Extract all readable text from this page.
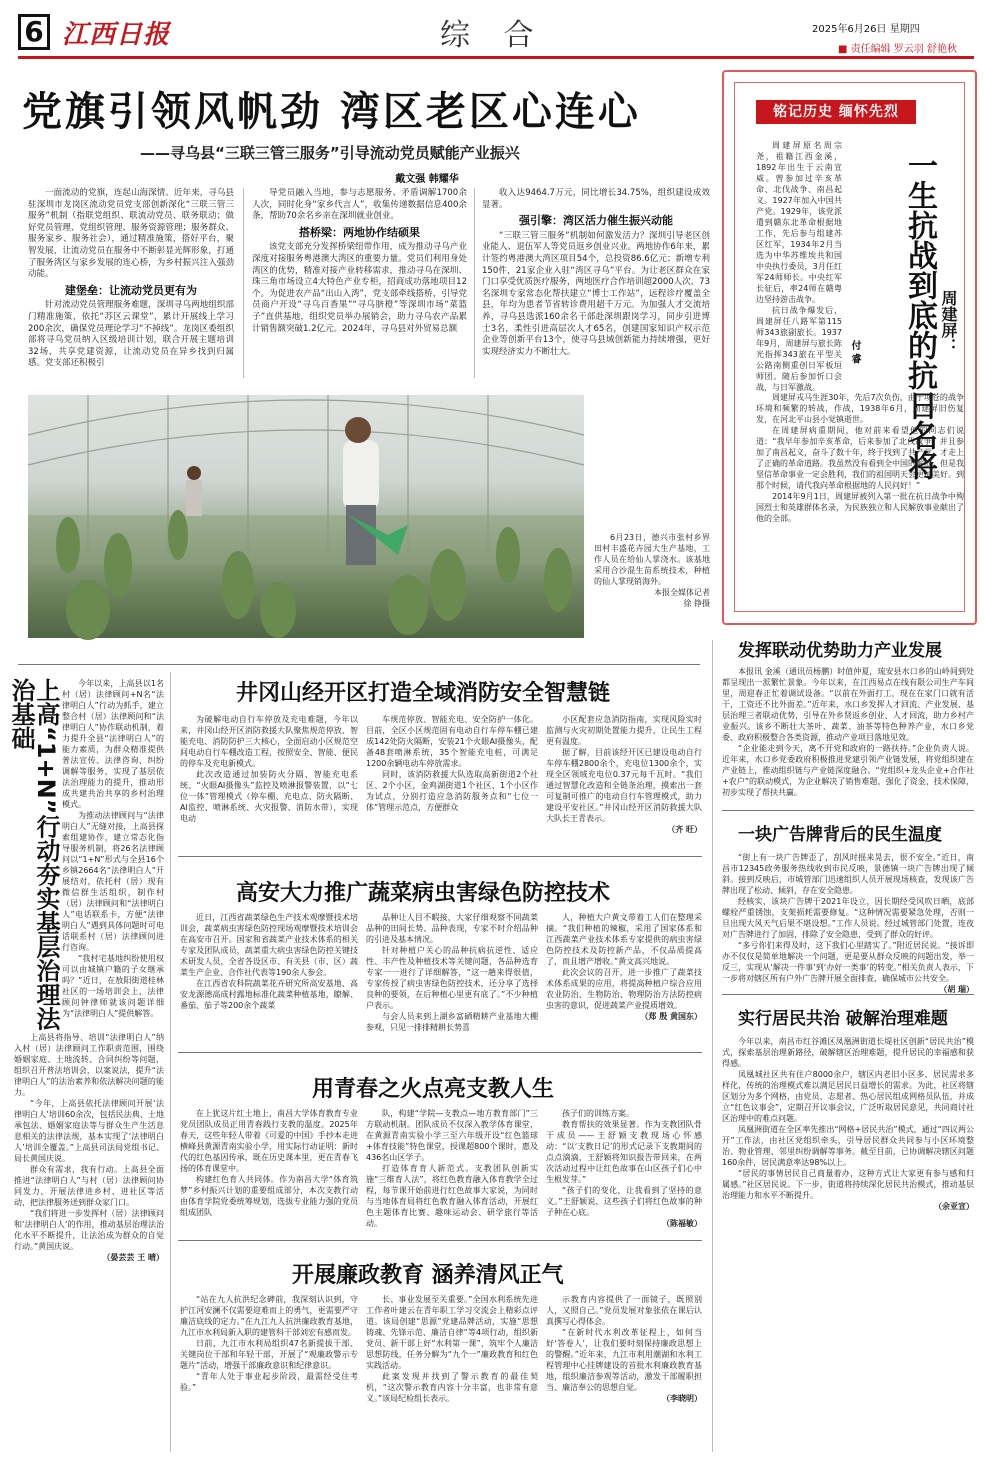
6 江西日报	综 合	2025年6月26日 星期四
■ 责任编辑 罗云羽 舒艳秋
党旗引领风帆劲 湾区老区心连心
——寻乌县“三联三管三服务”引导流动党员赋能产业振兴
戴文强 韩耀华

一面流动的党旗，连起山海深情。近年来，寻乌县驻深圳市龙岗区流动党员党支部创新深化“三联三管三服务”机制（指联党组织、联流动党员、联务联动；做好党员管理、党组织管理、服务资源管理；服务群众、服务家乡、服务社会），通过精准施策，搭好平台，聚智发展，让流动党员在服务中不断彰显光辉形象，打通了服务湾区与家乡发展的连心桥，为乡村振兴注入强劲动能。

建堡垒：让流动党员更有为

针对流动党员管理服务难题，深圳寻乌两地组织部门精准施策，依托“苏区云课堂”，累计开展线上学习200余次，确保党员理论学习“不掉线”。龙岗区委组织部将寻乌党员纳入区级培训计划，联合开展主题培训32场，共享党建资源，让流动党员在异乡找到归属感。党支部还积极引

导党员融入当地，参与志愿服务、矛盾调解1700余人次，同时化身“家乡代言人”，收集传递数据信息400余条，帮助70余名乡亲在深圳就业创业。

搭桥梁：两地协作结硕果

该党支部充分发挥桥梁纽带作用，成为推动寻乌产业深度对接服务粤港澳大湾区的重要力量。党员们利用身处湾区的优势，精准对接产业转移需求，推动寻乌在深圳、珠三角市场设立4大特色产业专柜，招商成功落地项目12个。为促进农产品“出山入湾”，党支部牵线搭桥，引导党员商户开设“寻乌百香果”“寻乌脐橙”等深圳市场“菜篮子”直供基地，组织党员举办展销会，助力寻乌农产品累计销售额突破1.2亿元。2024年，寻乌县对外贸易总额

收入达9464.7万元，同比增长34.75%，组织建设成效显著。

强引擎：湾区活力催生振兴动能

“三联三管三服务”机制如何激发活力？深圳引导老区创业能人、退伍军人等党员返乡创业兴业。两地协作6年来，累计签约粤港澳大湾区项目54个，总投资86.6亿元；新增专利150件，21家企业入驻“湾区寻乌”平台。为让老区群众在家门口享受优质医疗服务，两地医疗合作培训超2000人次，73名深圳专家常态化帮扶建立“博士工作站”，远程诊疗覆盖全县，年均为患者节省转诊费用超千万元。为加强人才交流培养，寻乌县选派160余名干部赴深圳跟岗学习，同步引进博士3名，柔性引进高层次人才65名，创建国家知识产权示范企业等创新平台13个，使寻乌县域创新能力持续增强，更好实现经济实力不断壮大。

6月23日，德兴市张村乡界田村丰盛花卉园大生产基地，工作人员在给仙人掌浇水。该基地采用合沙混生苗系统技术，种植的仙人掌现销海外。

本报全媒体记者
徐 铮摄
铭记历史 缅怀先烈
一生抗战到底的抗日名将 周建屏：
付 睿

周建屏原名周宗尧，祖籍江西金溪，1892年出生于云南宣威。曾参加过辛亥革命、北伐战争、南昌起义。1927年加入中国共产党。1929年，该党派遣到赣东北革命根据地工作，先后参与组建苏区红军，1934年2月当选为中华苏维埃共和国中央执行委员，3月任红军24师师长。中央红军长征后，率24师在赣粤边坚持游击战争。

抗日战争爆发后，周建屏任八路军第115师343旅副旅长。1937年9月，周建屏与旅长陈光指挥343旅在平型关公路南侧重创日军板垣师团。随后参加忻口会战，与日军激战。

周建屏戎马生涯30年，先后7次负伤，由于项苍的战争环境和频繁的转战，作战，1938年6月，周建屏旧伤复发，在河北平山县小觉镇逝世。

在周建屏病重期间，他对前来看望他的同志们说道：“我早年参加辛亥革命，后来参加了北伐战争，并且参加了南昌起义，奋斗了数十年，终于找到了共产党，才走上了正确的革命道路。我虽然没有看到全中国的解放，但是我坚信革命事业一定会胜利，我们的祖国明天会更加美好。到那个时候，请代我向革命根据地的人民问好！”

2014年9月1日，周建屏被列入第一批在抗日战争中殉国烈士和英雄群体名录，为民族独立和人民解放事业献出了他的全部。

上高“1+N”行动夯实基层治理法治基础	今年以来，上高县以1名村（居）法律顾问+N名“法律明白人”行动为抓手，建立整合村（居）法律顾问和“法律明白人”协作联动机制，着力提升全县“法律明白人”的能力素质，为群众精准提供普法宣传、法律咨询、纠纷调解等服务，实现了基层依法治理能力的提升，推动形成共建共治共享的乡村治理模式。

为推动法律顾问与“法律明白人”无缝对接，上高县探索组建协作，建立常态化指导服务机制，将26名法律顾问以“1+N”形式与全县16个乡镇2664名“法律明白人”开展结对，依托村（居）现有微信群生活组织，制作村（居）法律顾问和“法律明白人”电话联系卡，方便“法律明白人”遇到具体问题时可电话联系村（居）法律顾问进行咨询。

“我村宅基地纠纷使用权可以由城镇户籍的子女继承吗？”近日，在敖阳街道桂林社区的一场培训会上，法律顾问钟律师就该问题详细为“法律明白人”提供解答。

上高县将指导、培训“法律明白人”纳入村（居）法律顾问工作职责范围，围绕婚姻家庭、土地流转、合同纠纷等问题，组织召开普法培训会，以案说法，提升“法律明白人”的法治素养和依法解决问题的能力。

“今年，上高县依托法律顾问开展‘法律明白人’培训60余次，包括民法典、土地承包法、婚姻家庭法等与群众生产生活息息相关的法律法规，基本实现了‘法律明白人’培训全覆盖。”上高县司法局党组书记、局长黄国庆说。

群众有需求，我有行动。上高县全面推进“法律明白人”与村（居）法律顾问协同发力，开展法律进乡村、进社区等活动，把法律服务送到群众家门口。

“我们将进一步发挥村（居）法律顾问和‘法律明白人’的作用，推动基层治理法治化水平不断提升，让法治成为群众的自觉行动。”黄国庆说。

（晏芸芸 王 晴）
井冈山经开区打造全域消防安全智慧链

为破解电动自行车停放及充电难题，今年以来，井冈山经开区消防救援大队聚焦规范停放、智能充电、消防防护三大核心，全面启动小区规范空间电动自行车棚改造工程，按照安全、智能、便民的停车及充电新模式。

此次改造通过加装防火分隔、智能充电系统、“火眼AI摄像头”监控及喷淋报警装置，以“七位一体”管理模式（停车棚、充电点、防火隔断、AI监控、喷淋系统、火灾报警、消防水带），实现电动

车规范停放、智能充电、安全防护一体化。目前，全区小区规范固有电动自行车停车棚已建成142处防火隔断，安装21个火眼AI摄像头，配备48套喷淋系统，35个智能充电桩，可满足1200余辆电动车停放需求。

同时，该消防救援大队选取高新街道2个社区、2个小区，金鸡湖街道1个社区、1个小区作为试点，分别打造应急消防服务点和“七位一体”管理示范点，方便群众

小区配套应急消防指南，实现风险实时监测与火灾初期处置能力提升，让民生工程更有温度。

据了解，目前该经开区已建设电动自行车停车棚2800余个，充电位1300余个，实现全区领域充电位0.37元每千瓦时。“我们通过智慧化改造和全链条治理，摸索出一套可复制可推广的电动自行车管理模式，助力建设平安社区。”井冈山经开区消防救援大队大队长王青表示。

（齐 旺）
高安大力推广蔬菜病虫害绿色防控技术

近日，江西省蔬菜绿色生产技术观摩暨技术培训会，蔬菜病虫害绿色防控现场观摩暨技术培训会在高安市召开。国家和省蔬菜产业技术体系的相关专家及团队成员，蔬菜重大病虫害绿色防控关键技术研发人员，全省各设区市、有关县（市、区）蔬菜生产企业、合作社代表等190余人参会。

在江西省农科院蔬菜花卉研究所高安基地、高安龙源德高成村露地标准化蔬菜种植基地，瞭解、番茄、茄子等200余个蔬菜

品种让人目不暇接，大家仔细观察不同蔬菜品种的田间长势、品种表现，专家不时介绍品种的引进及基本情况。

针对种植户关心的品种抗病抗逆性、适应性、丰产性及种植技术等关键问题，各品种选育专家一一进行了详细解答，“这一趟来得很值，专家传授了病虫害绿色防控技术，还分享了选择良种的要领，在后种植心里更有底了。”不少种植户表示。

与会人员来到上湖乡富硒精耕产业基地大棚参观，只见一排排精耕长势喜

人，种植大户黄文带着工人们在整理采摘。“我们种植的辣椒，采用了国家体系和江西蔬菜产业技术体系专家提供的病虫害绿色防控技术及防控新产品，不仅品质提高了，而且增产增收。”黄文高兴地说。

此次会议的召开，进一步推广了蔬菜技术体系成果的应用，将提高种植户综合应用农业防治、生物防治、物理防治方法防控病虫害的意识，促进蔬菜产业提质增效。

（郑 殷 黄国东）
用青春之火点亮支教人生

在上犹这片红土地上，南昌大学体育教育专业党员团队成员正用青春践行支教的温度。2025年春天，这些年轻人带着《可爱的中国》手抄本走进横峰县黄源青南实验小学，用实际行动证明：新时代的红色基因传承，既在历史课本里，更在青春飞扬的体育课堂中。

构建红色育人共同体。作为南昌大学“体育筑梦”乡村振兴计划的重要组成部分，本次支教行动由体育学院党委统筹规划，选拔专业能力强的党员组成团队

队，构建“学院—支教点—地方教育部门”三方联动机制。团队成员不仅深入教学体育课堂，在黄源青南实验小学三至六年级开设“红色篮球+体育技能”特色课堂，授课超800个课时，惠及436名山区学子。

打造体育育人新范式。支教团队创新实施“三维育人法”，将红色教育融入体育教学全过程，每节课开始前进行红色故事大家说，为同时与当地体育局将红色教育融入体育活动，开展红色主题体育比赛、趣味运动会、研学旅行等活动。

孩子们的训练方案。

教育帮扶的效果显著。作为支教团队骨干成员——王舒颖支教现场心怀感动：“以‘支教日记’的形式记录下支教期间的点点滴滴，王舒颖将知识报告带回来，在两次活动过程中让红色故事在山区孩子们心中生根发芽。”

“孩子们的变化，让我看到了坚持的意义。”王舒颖说，这些孩子们将红色故事的种子种在心底。

（陈福敏）
开展廉政教育 涵养清风正气

“站在九人抗洪纪念碑前，我深刻认识到，守护江河安澜不仅需要迎难而上的勇气，更需要严守廉洁底线的定力。”在九江九人抗洪廉政教育基地，九江市水利局新入职的建管科干部刘宏有感而发。

日前，九江市水利局组织47名新提拔干部、关键岗位干部和年轻干部，开展了“观廉政警示专题片”活动，增强干部廉政意识和纪律意识。

“青年人处于事业起步阶段，最需经受住考验。”

长、事业发展至关重要。”全国水利系统先进工作者叶建云在青年职工学习交流会上精彩点评道。该局创建“思源”党建品牌活动，实施“思想铸魂、先锋示范、廉洁自律”等4项行动，组织新党员、新干部上好“水利第一课”，筑牢个人廉洁思想防线，任务分解为“九个一”廉政教育和红色实践活动。

此案发现并找到了警示教育的最佳契机，“这次警示教育内容十分丰富，也非常有意义。”该局纪检组长表示。

示教育内容提供了一面镜子，既照别人，又照自己。”党员发展对象张依在课后认真撰写心得体会。

“在新时代水利改革征程上，如何当好‘答卷人’，让我们要时刻保持廉政思想上的警醒。”近年来，九江市利用潮湖和水利工程管理中心挂牌建设的首批水利廉政教育基地，组织廉洁参观等活动，激发干部履职担当、廉洁奉公的思想自觉。

（李晓明）
发挥联动优势助力产业发展

本报讯 金溪（通讯员杨鹏）时值仲夏，琉安县水口乡的山岭间到处都呈现出一派繁忙景象。今年以来，在江西易点在线有限公司生产车间里，周迎春正忙着调试设备。“以前在外面打工，现在在家门口就有活干，工资还不比外面差。”近年来，水口乡发挥人才回流、产业发展、基层治理三者联动优势，引导在外乡贤返乡创业、人才回流，助力乡村产业振兴。该乡不断壮大茶叶、蔬菜、油茶等特色种养产业，水口乡党委、政府积极整合各类资源，推动产业项目落地见效。

“企业能走到今天，离不开党和政府的一路扶持。”企业负责人说。近年来，水口乡党委政府积极推进党建引领产业链发展，将党组织建在产业链上，推动组织链与产业链深度融合。“党组织+龙头企业+合作社+农户”的联动模式，为企业解决了销售难题，强化了资金、技术保障，初步实现了帮扶共赢。

一块广告牌背后的民生温度

“街上有一块广告牌歪了，刮风时摇来晃去，很不安全。”近日，南昌市12345政务服务热线收到市民反映，景德镇一块广告牌出现了倾斜。接到反映后，市城管部门迅速组织人员开展现场核查，发现该广告牌出现了松动、倾斜，存在安全隐患。

经核实，该块广告牌于2021年设立，因长期经受风吹日晒，底部螺栓严重锈蚀，支架损耗需要修复。“这种情况需要紧急处理，否则一旦出现大风天气后果不堪设想。”工作人员说。经过城管部门处置，连夜对广告牌进行了加固，排除了安全隐患，受到了群众的好评。

“多亏你们来得及时，这下我们心里踏实了。”附近居民说。“接诉即办不仅仅是简单地解决一个问题，更是要从群众反映的问题出发，举一反三，实现从‘解决一件事’到‘办好一类事’的转变。”相关负责人表示，下一步将对辖区所有户外广告牌开展全面排查，确保城市公共安全。

（胡 瑞）
实行居民共治 破解治理难题

今年以来，南昌市红谷滩区凤凰洲街道长堤社区创新“居民共治”模式，探索基层治理新路径，破解辖区治理难题，提升居民的幸福感和获得感。

凤凰城社区共有住户8000余户，辖区内老旧小区多、居民需求多样化，传统的治理模式难以满足居民日益增长的需求。为此，社区将辖区划分为多个网格，由党员、志愿者、热心居民组成网格员队伍，并成立“红色议事会”，定期召开议事会议，广泛听取居民意见，共同商讨社区治理中的难点问题。

凤凰洲街道在全区率先推出“网格+居民共治”模式，通过“四议两公开”工作法，由社区党组织牵头，引导居民群众共同参与小区环境整治、物业管理、邻里纠纷调解等事务。截至目前，已协调解决辖区问题160余件，居民满意率达98%以上。

“居民的事情居民自己商量着办，这种方式让大家更有参与感和归属感。”社区居民说。下一步，街道将持续深化居民共治模式，推动基层治理能力和水平不断提升。

（余亚宣）
